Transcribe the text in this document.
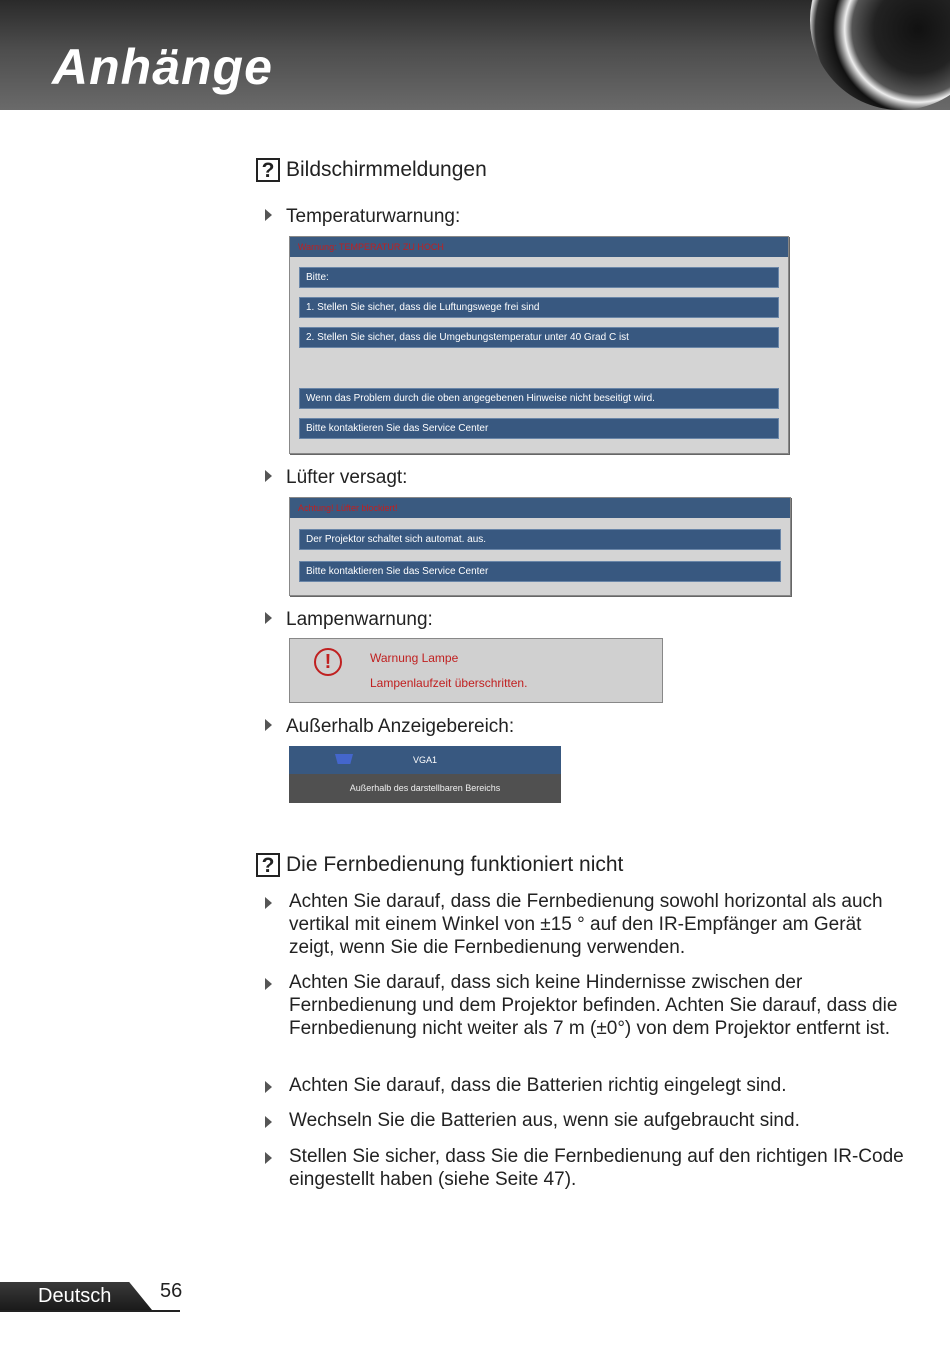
Anhänge
? Bildschirmmeldungen
Temperaturwarnung:
Warnung: TEMPERATUR ZU HOCH
Bitte:
1. Stellen Sie sicher, dass die Luftungswege frei sind
2. Stellen Sie sicher, dass die Umgebungstemperatur unter 40 Grad C ist
Wenn das Problem durch die oben angegebenen Hinweise nicht beseitigt wird.
Bitte kontaktieren Sie das Service Center
Lüfter versagt:
Achtung! Lüfter blockiert!
Der Projektor schaltet sich automat. aus.
Bitte kontaktieren Sie das Service Center
Lampenwarnung:
!	Warnung Lampe
Lampenlaufzeit überschritten.
Außerhalb Anzeigebereich:
VGA1
Außerhalb des darstellbaren Bereichs
? Die Fernbedienung funktioniert nicht
Achten Sie darauf, dass die Fernbedienung sowohl horizontal als auch vertikal mit einem Winkel von ±15 ° auf den IR-Empfänger am Gerät zeigt, wenn Sie die Fernbedienung verwenden.
Achten Sie darauf, dass sich keine Hindernisse zwischen der Fernbedienung und dem Projektor befinden. Achten Sie darauf, dass die Fernbedienung nicht weiter als 7 m (±0°) von dem Projektor entfernt ist.
Achten Sie darauf, dass die Batterien richtig eingelegt sind.
Wechseln Sie die Batterien aus, wenn sie aufgebraucht sind.
Stellen Sie sicher, dass Sie die Fernbedienung auf den richtigen IR-Code eingestellt haben (siehe Seite 47).
Deutsch 56
